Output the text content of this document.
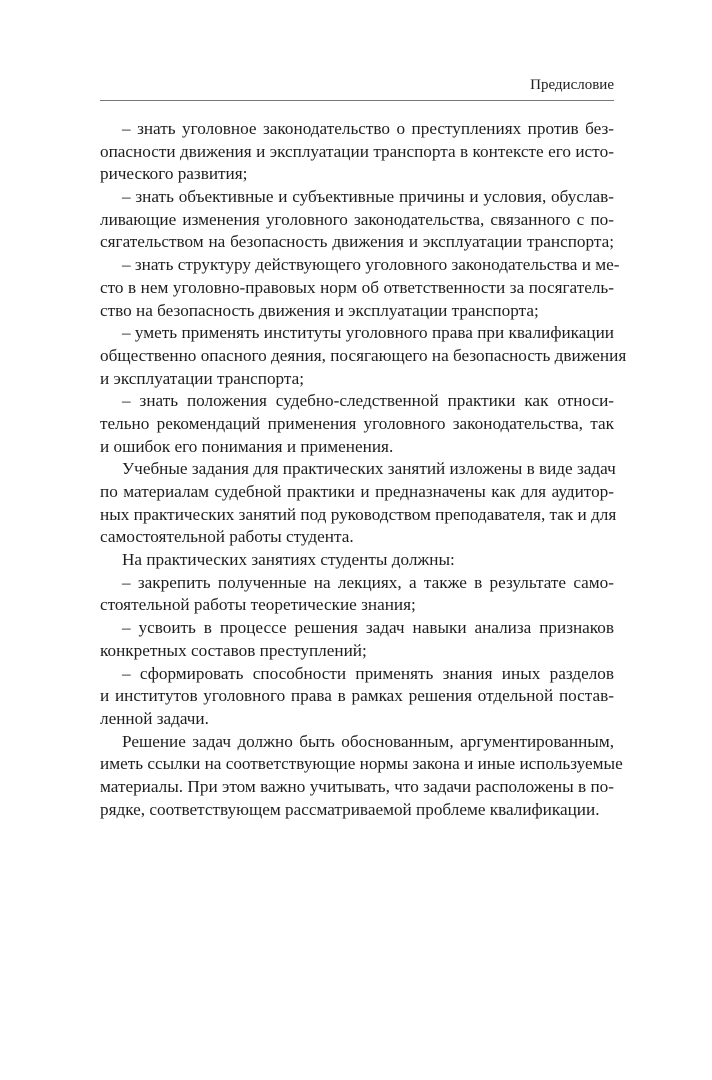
Предисловие
– знать уголовное законодательство о преступлениях против без-
опасности движения и эксплуатации транспорта в контексте его истo-
рического развития;
– знать объективные и субъективные причины и условия, обуслав-
ливающие изменения уголовного законодательства, связанного с по-
сягательством на безопасность движения и эксплуатации транспорта;
– знать структуру действующего уголовного законодательства и ме-
сто в нем уголовно-правовых норм об ответственности за посягатель-
ство на безопасность движения и эксплуатации транспорта;
– уметь применять институты уголовного права при квалификации
общественно опасного деяния, посягающего на безопасность движения
и эксплуатации транспорта;
– знать положения судебно-следственной практики как относи-
тельно рекомендаций применения уголовного законодательства, так
и ошибок его понимания и применения.
Учебные задания для практических занятий изложены в виде задач
по материалам судебной практики и предназначены как для аудитор-
ных практических занятий под руководством преподавателя, так и для
самостоятельной работы студента.
На практических занятиях студенты должны:
– закрепить полученные на лекциях, а также в результате само-
стоятельной работы теоретические знания;
– усвоить в процессе решения задач навыки анализа признаков
конкретных составов преступлений;
– сформировать способности применять знания иных разделов
и институтов уголовного права в рамках решения отдельной постав-
ленной задачи.
Решение задач должно быть обоснованным, аргументированным,
иметь ссылки на соответствующие нормы закона и иные используемые
материалы. При этом важно учитывать, что задачи расположены в по-
рядке, соответствующем рассматриваемой проблеме квалификации.
